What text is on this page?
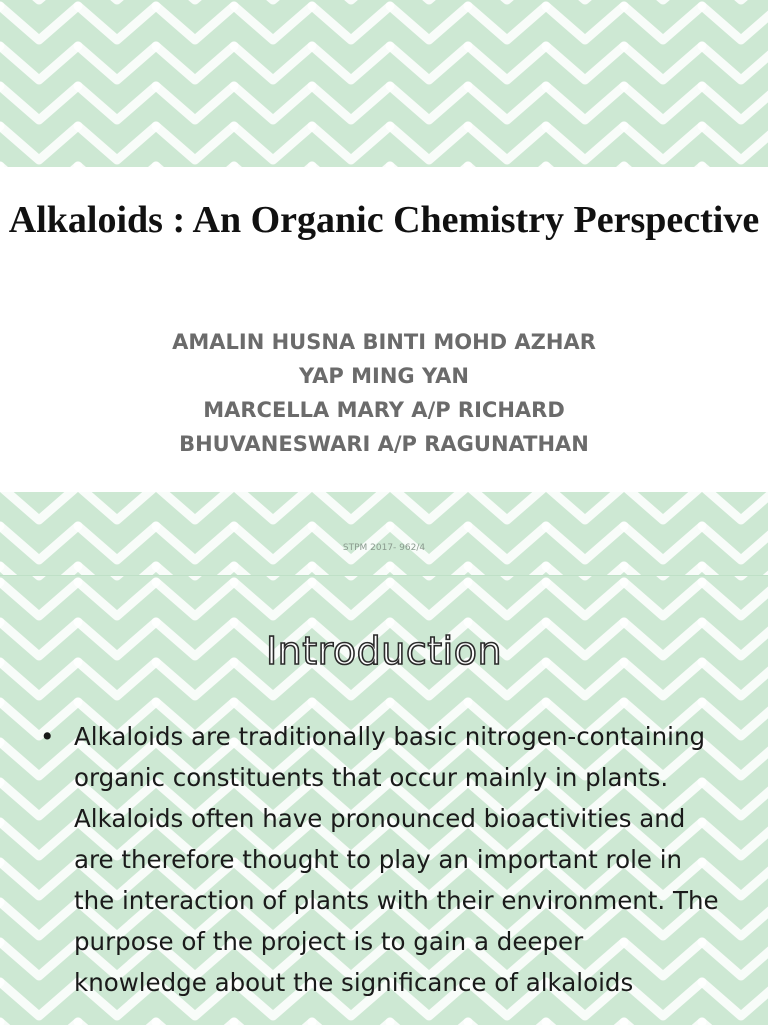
Alkaloids : An Organic Chemistry Perspective
AMALIN HUSNA BINTI MOHD AZHAR
YAP MING YAN
MARCELLA MARY A/P RICHARD
BHUVANESWARI A/P RAGUNATHAN
STPM 2017- 962/4
Introduction
• Alkaloids are traditionally basic nitrogen-containing organic constituents that occur mainly in plants. Alkaloids often have pronounced bioactivities and are therefore thought to play an important role in the interaction of plants with their environment. The purpose of the project is to gain a deeper knowledge about the significance of alkaloids
